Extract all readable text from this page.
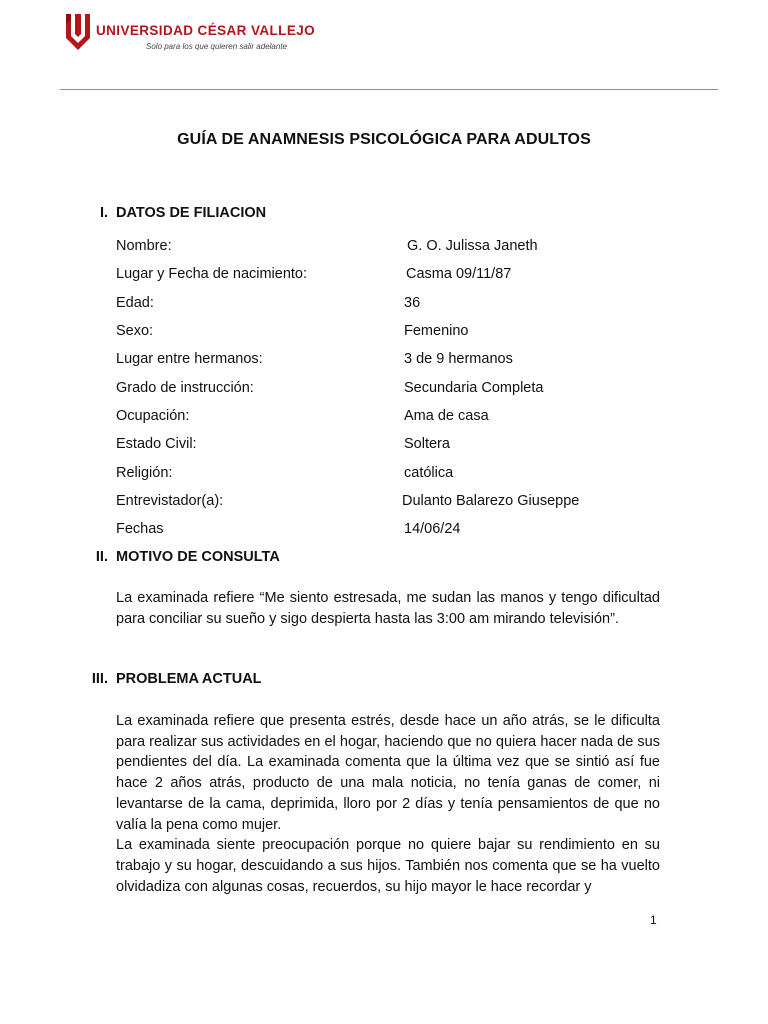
UNIVERSIDAD CÉSAR VALLEJO
Solo para los que quieren salir adelante
GUÍA DE ANAMNESIS PSICOLÓGICA PARA ADULTOS
I. DATOS DE FILIACION
Nombre:	G. O. Julissa Janeth
Lugar y Fecha de nacimiento:	Casma 09/11/87
Edad:	36
Sexo:	Femenino
Lugar entre hermanos:	3 de 9 hermanos
Grado de instrucción:	Secundaria Completa
Ocupación:	Ama de casa
Estado Civil:	Soltera
Religión:	católica
Entrevistador(a):	Dulanto Balarezo Giuseppe
Fechas	14/06/24
II. MOTIVO DE CONSULTA

La examinada refiere “Me siento estresada, me sudan las manos y tengo dificultad para conciliar su sueño y sigo despierta hasta las 3:00 am mirando televisión”.

III. PROBLEMA ACTUAL

La examinada refiere que presenta estrés, desde hace un año atrás, se le dificulta para realizar sus actividades en el hogar, haciendo que no quiera hacer nada de sus pendientes del día. La examinada comenta que la última vez que se sintió así fue hace 2 años atrás, producto de una mala noticia, no tenía ganas de comer, ni levantarse de la cama, deprimida, lloro por 2 días y tenía pensamientos de que no valía la pena como mujer.

La examinada siente preocupación porque no quiere bajar su rendimiento en su trabajo y su hogar, descuidando a sus hijos. También nos comenta que se ha vuelto olvidadiza con algunas cosas, recuerdos, su hijo mayor le hace recordar y

1
